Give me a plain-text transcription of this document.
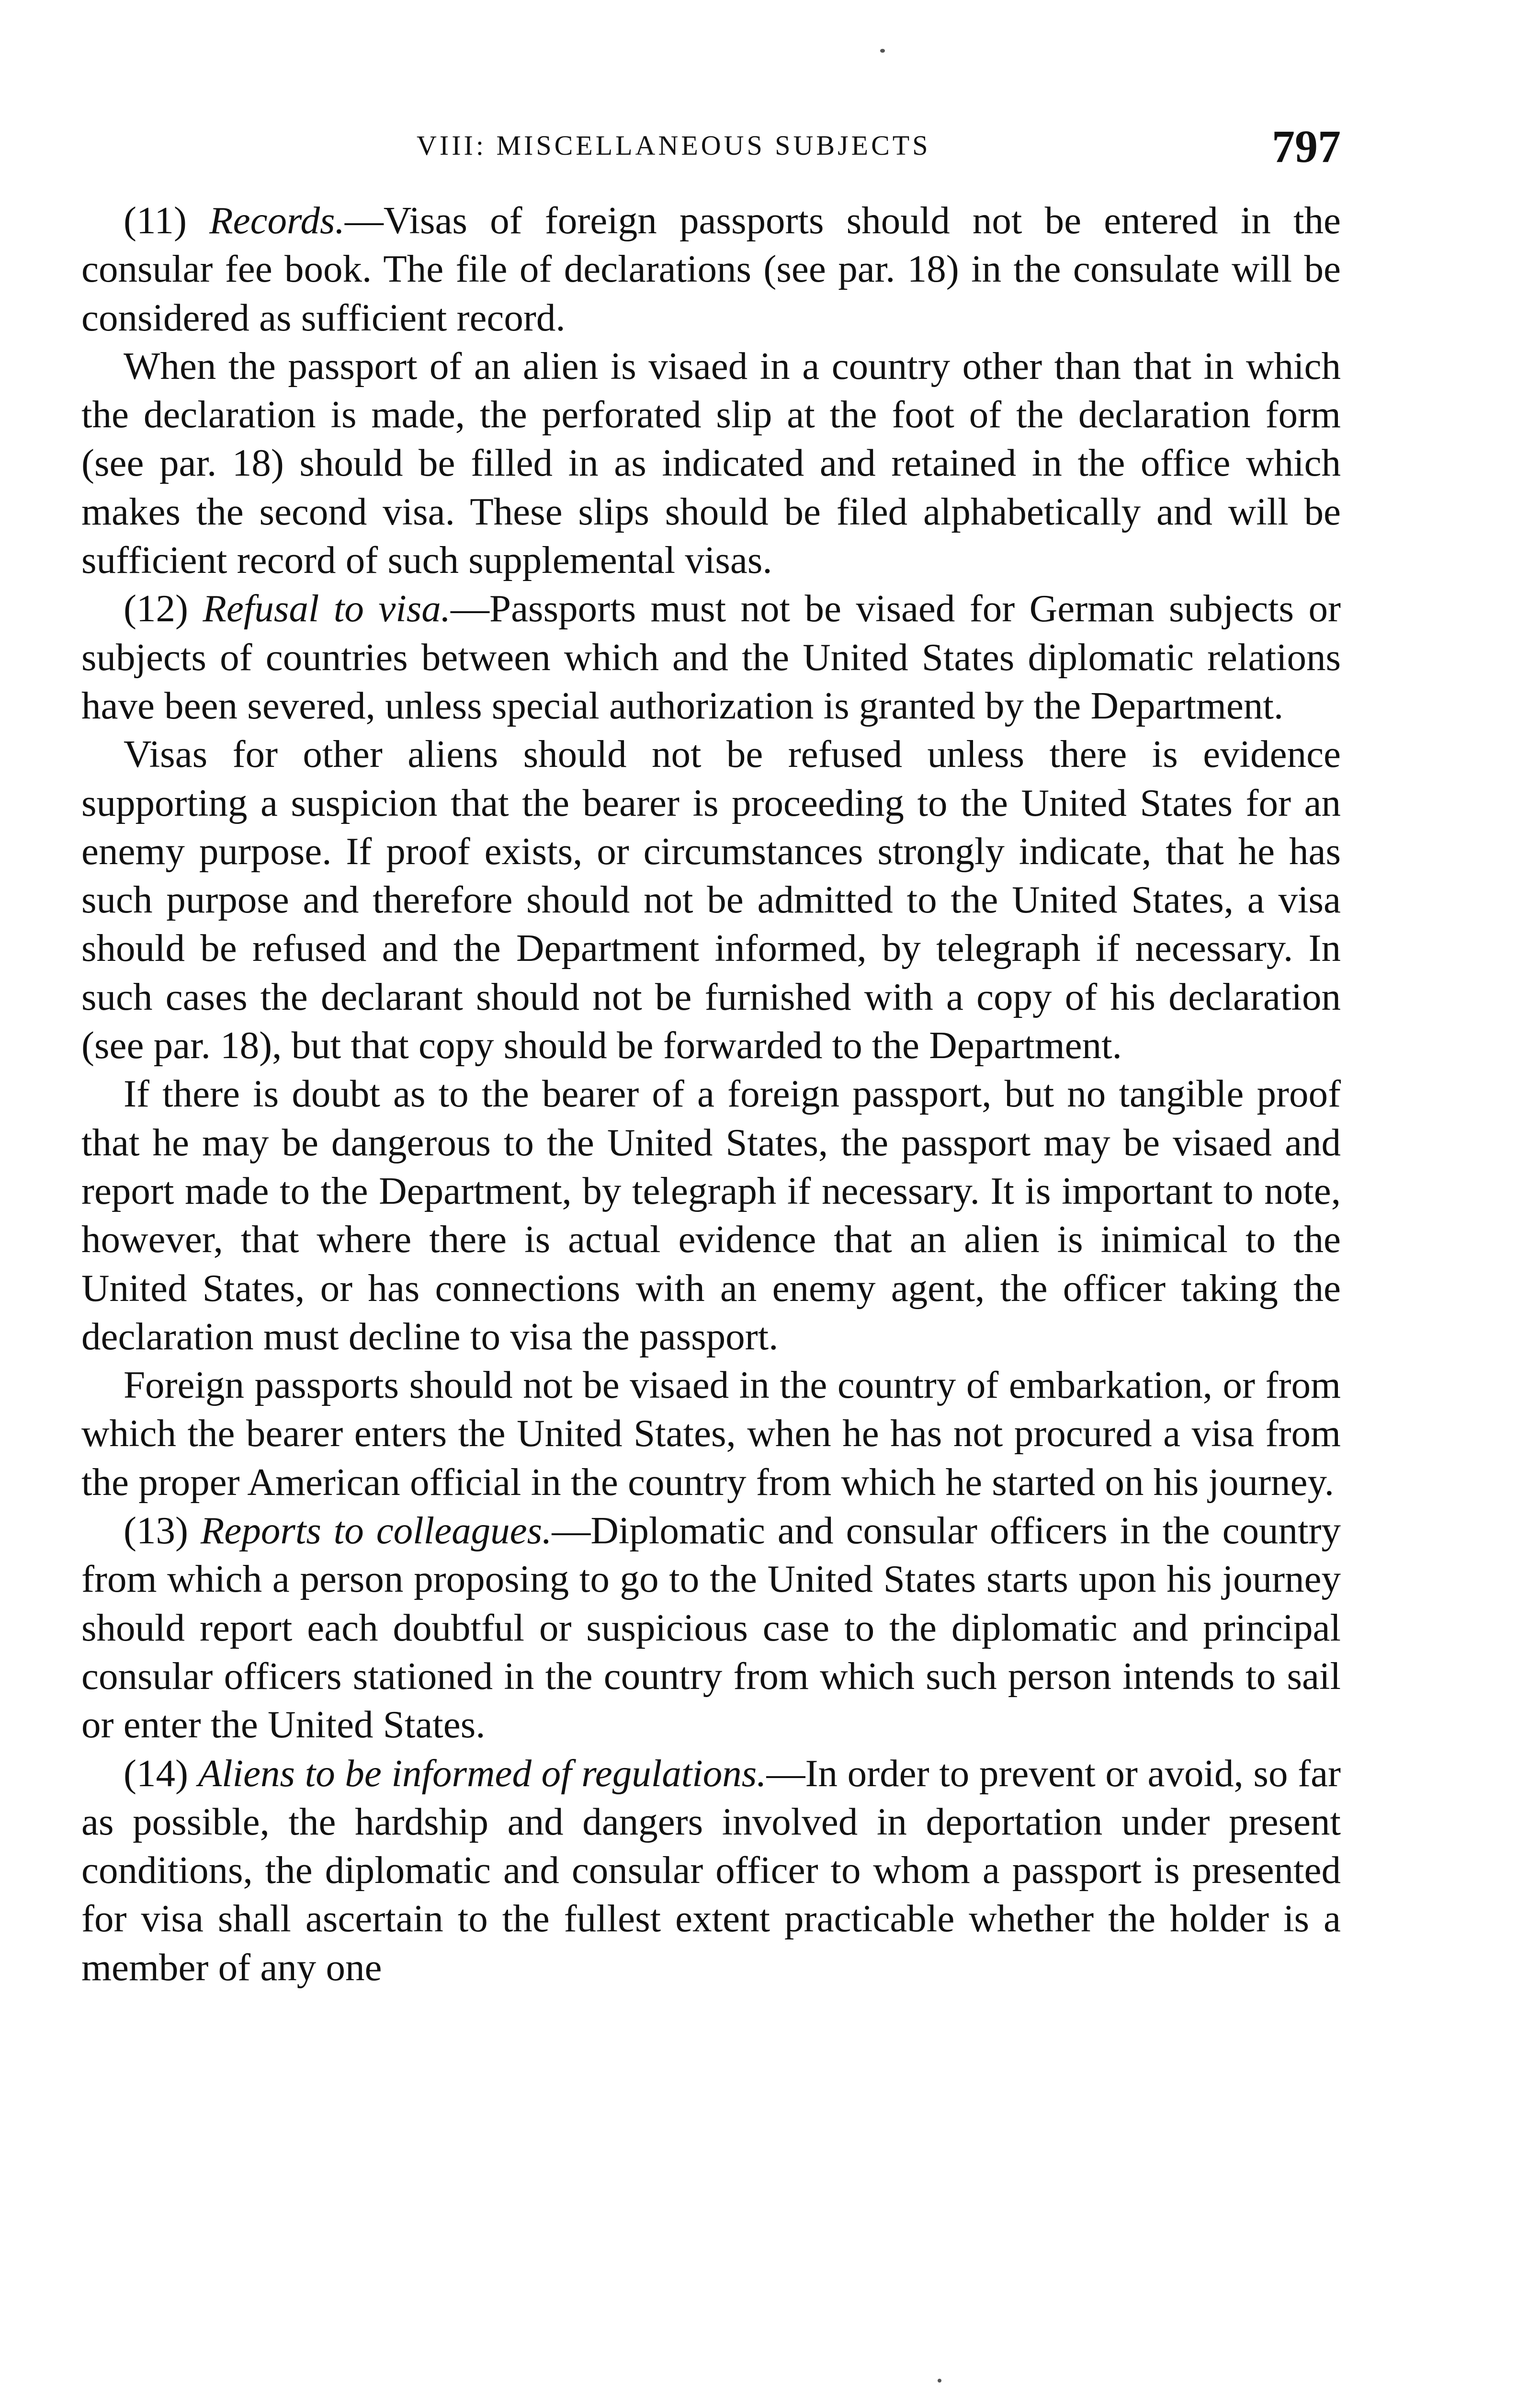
VIII: MISCELLANEOUS SUBJECTS	797

(11) Records.—Visas of foreign passports should not be entered in the consular fee book. The file of declarations (see par. 18) in the consulate will be considered as sufficient record.

When the passport of an alien is visaed in a country other than that in which the declaration is made, the perforated slip at the foot of the declaration form (see par. 18) should be filled in as indicated and retained in the office which makes the second visa. These slips should be filed alphabetically and will be sufficient record of such supplemental visas.

(12) Refusal to visa.—Passports must not be visaed for German subjects or subjects of countries between which and the United States diplomatic relations have been severed, unless special authorization is granted by the Department.

Visas for other aliens should not be refused unless there is evidence supporting a suspicion that the bearer is proceeding to the United States for an enemy purpose. If proof exists, or circumstances strongly indicate, that he has such purpose and therefore should not be admitted to the United States, a visa should be refused and the Department informed, by telegraph if necessary. In such cases the declarant should not be furnished with a copy of his declaration (see par. 18), but that copy should be forwarded to the Department.

If there is doubt as to the bearer of a foreign passport, but no tangible proof that he may be dangerous to the United States, the passport may be visaed and report made to the Department, by telegraph if necessary. It is important to note, however, that where there is actual evidence that an alien is inimical to the United States, or has connections with an enemy agent, the officer taking the declaration must decline to visa the passport.

Foreign passports should not be visaed in the country of embarkation, or from which the bearer enters the United States, when he has not procured a visa from the proper American official in the country from which he started on his journey.

(13) Reports to colleagues.—Diplomatic and consular officers in the country from which a person proposing to go to the United States starts upon his journey should report each doubtful or suspicious case to the diplomatic and principal consular officers stationed in the country from which such person intends to sail or enter the United States.

(14) Aliens to be informed of regulations.—In order to prevent or avoid, so far as possible, the hardship and dangers involved in deportation under present conditions, the diplomatic and consular officer to whom a passport is presented for visa shall ascertain to the fullest extent practicable whether the holder is a member of any one
